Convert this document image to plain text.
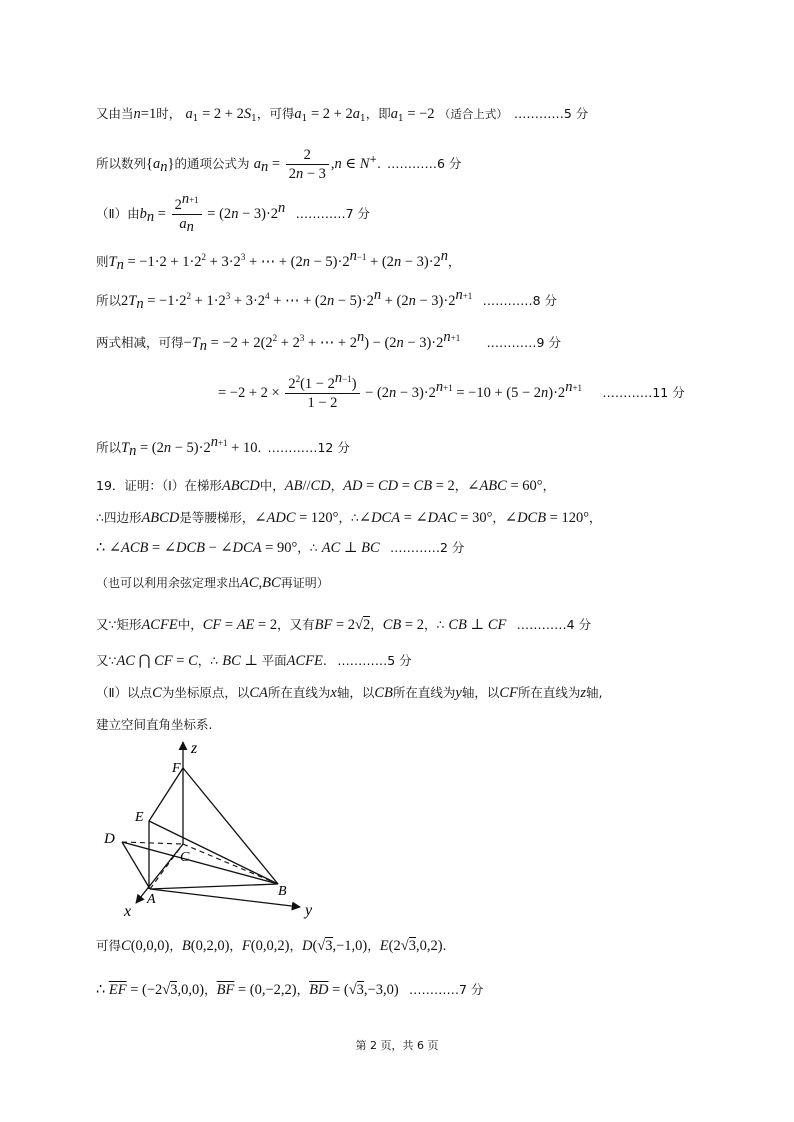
又由当n=1时， $a_1 = 2 + 2S_1$，可得$a_1 = 2 + 2a_1$，即$a_1 = -2$ （适合上式） …………5 分
所以数列$\{a_n\}$的通项公式为 $a_n = \frac{2}{2n - 3} ,n$ ∈ N+. …………6 分
（Ⅱ）由$b_n = \frac{2^{n+1}}{a_n} = (2n - 3)\cdot 2^n$ …………7 分
则$T_n = -1\cdot 2 + 1\cdot 2^2 + 3\cdot 2^3$ + ⋯ + $(2n - 5)\cdot 2^{n-1} + (2n - 3)\cdot 2^n$，
所以$2T_n = -1\cdot 2^2 + 1\cdot 2^3 + 3\cdot 2^4$ + ⋯ + $(2n - 5)\cdot 2^n + (2n - 3)\cdot 2^{n+1}$ …………8 分
两式相减，可得$-T_n = -2 + 2(2^2 + 2^3$ + ⋯ + $2^n) - (2n - 3)\cdot 2^{n+1}$ …………9 分
= $-2 + 2 \times \frac{2^2(1 - 2^{n-1})}{1 - 2} - (2n - 3)\cdot 2^{n+1} = -10 + (5 - 2n)\cdot 2^{n+1}$ …………11 分
所以$T_n = (2n - 5)\cdot 2^{n+1} + 10$. …………12 分
19．证明：（Ⅰ）在梯形ABCD中，AB//CD，AD = CD = CB = 2，∠ABC = 60°，
∴四边形ABCD是等腰梯形，∠ADC = 120°，∴∠DCA = ∠DAC = 30°，∠DCB = 120°，
∴ ∠ACB = ∠DCB − ∠DCA = 90°，∴ AC ⊥ BC …………2 分
（也可以利用余弦定理求出AC,BC再证明）
又∵矩形ACFE中，CF = AE = 2，又有BF = 2√2，CB = 2，∴ CB ⊥ CF …………4 分
又∵AC ⋂ CF = C，∴ BC ⊥ 平面ACFE. …………5 分
（Ⅱ）以点C为坐标原点，以CA所在直线为x轴，以CB所在直线为y轴，以CF所在直线为z轴,
建立空间直角坐标系.
z
F
E
D
C
A
B
x	y
可得C(0,0,0)，B(0,2,0)，F(0,0,2)，D(√3,−1,0)，E(2√3,0,2).
∴ $\overline{EF} = (-2√3,0,0)$，$\overline{BF} = (0,-2,2)$，$\overline{BD} = (√3,-3,0)$ …………7 分
第 2 页，共 6 页
